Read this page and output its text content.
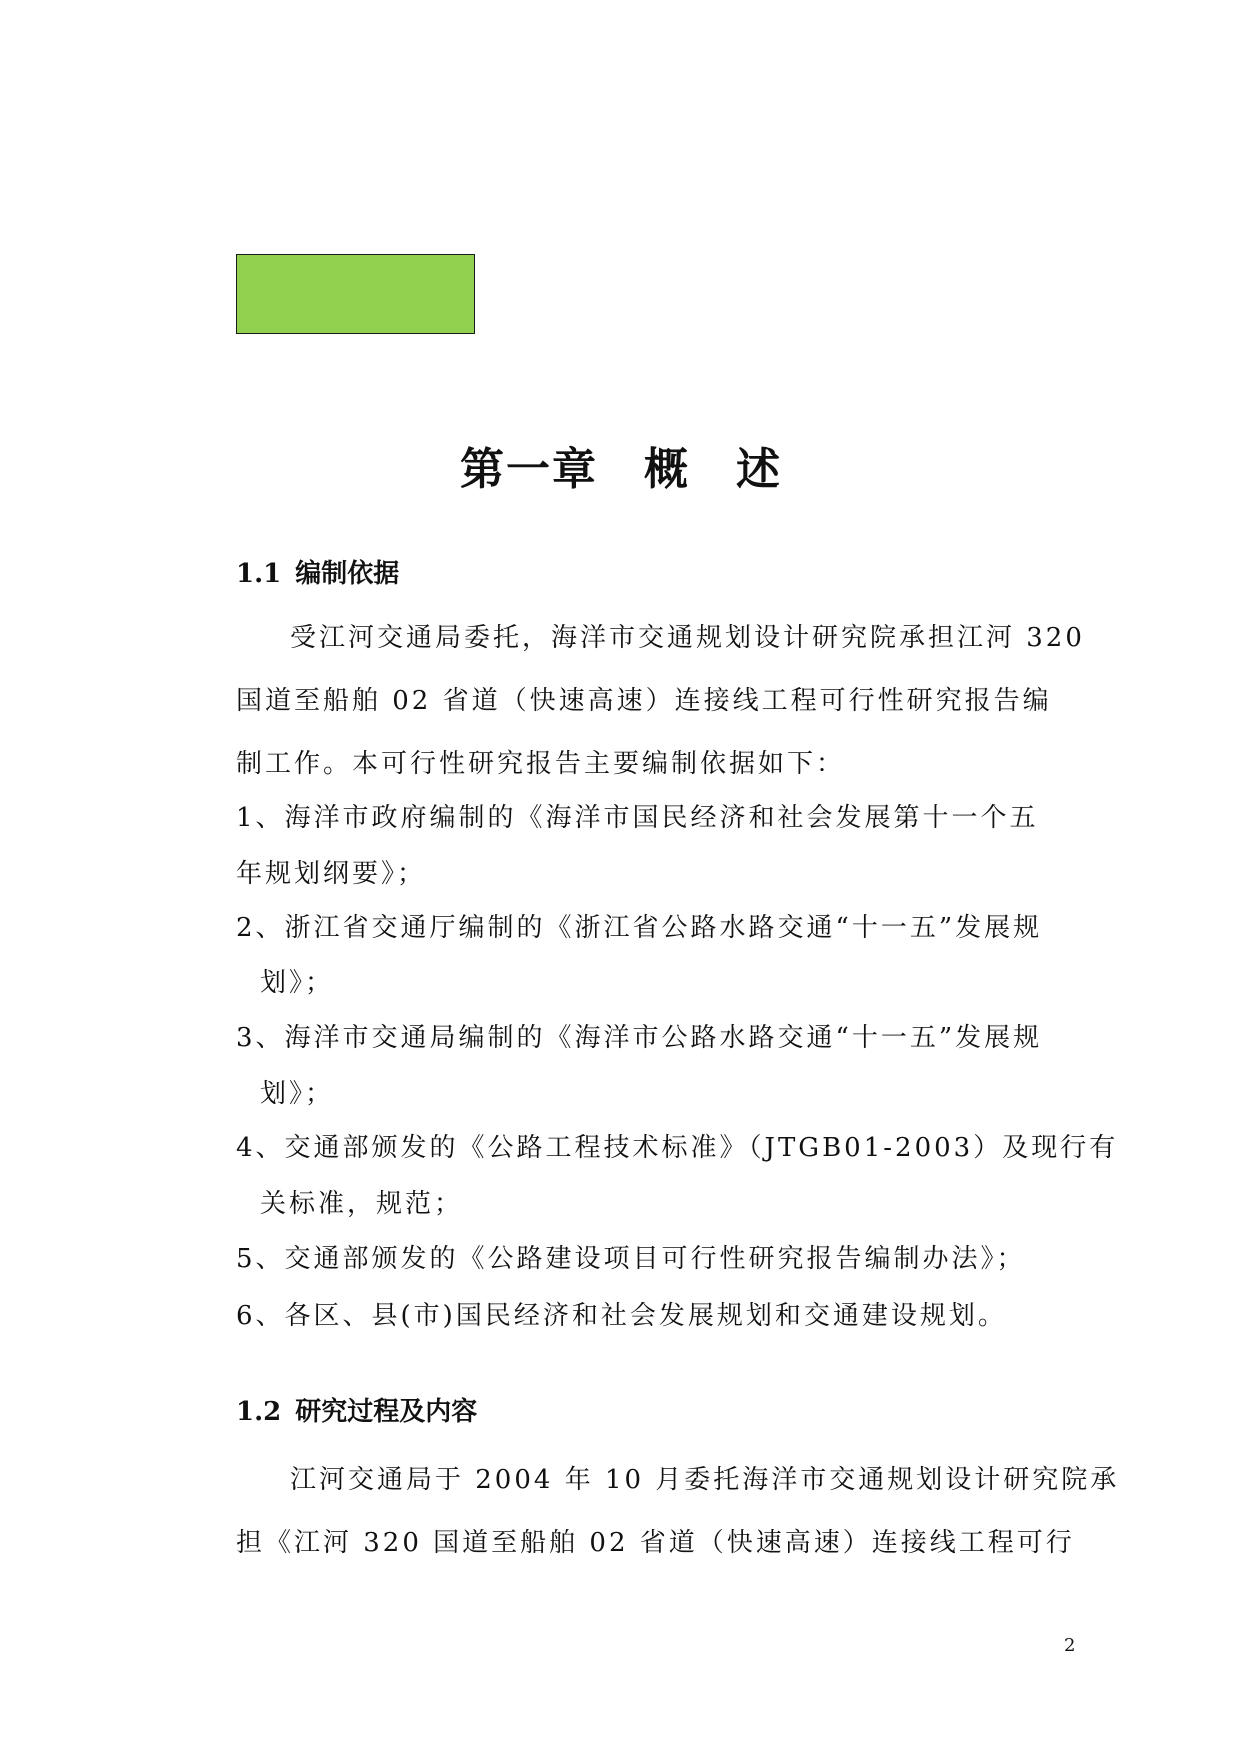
第一章　概　述
1.1 编制依据
受江河交通局委托，海洋市交通规划设计研究院承担江河 320
国道至船舶 02 省道（快速高速）连接线工程可行性研究报告编
制工作。本可行性研究报告主要编制依据如下：
1、海洋市政府编制的《海洋市国民经济和社会发展第十一个五
年规划纲要》；
2、浙江省交通厅编制的《浙江省公路水路交通“十一五”发展规
划》；
3、海洋市交通局编制的《海洋市公路水路交通“十一五”发展规
划》；
4、交通部颁发的《公路工程技术标准》（JTGB01-2003）及现行有
关标准，规范；
5、交通部颁发的《公路建设项目可行性研究报告编制办法》；
6、各区、县(市)国民经济和社会发展规划和交通建设规划。
1.2 研究过程及内容
江河交通局于 2004 年 10 月委托海洋市交通规划设计研究院承
担《江河 320 国道至船舶 02 省道（快速高速）连接线工程可行
2
